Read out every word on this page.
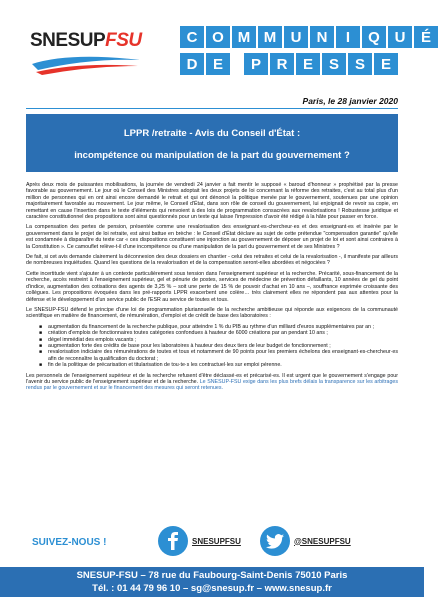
SNESUPFSU	C O M M U	N	I	Q U	É
D	E	P	R	E	S	S	E
Paris, le 28 janvier 2020
LPPR /retraite - Avis du Conseil d'État :
incompétence ou manipulation de la part du gouvernement ?

Après deux mois de puissantes mobilisations, la journée de vendredi 24 janvier a fait mentir le supposé « baroud d'honneur » prophétisé par la presse favorable au gouvernement. Le jour où le Conseil des Ministres adoptait les deux projets de loi concernant la réforme des retraites, c'est au total plus d'un million de personnes qui en ont ainsi encore demandé le retrait et qui ont dénoncé la politique menée par le gouvernement, soutenues par une opinion majoritairement favorable au mouvement. Le jour même, le Conseil d'État, dans son rôle de conseil du gouvernement, lui enjoignait de revoir sa copie, en remettant en cause l'insertion dans le texte d'éléments qui renvoient à des lois de programmation consacrées aux revalorisations ! Robustesse juridique et caractère constitutionnel des propositions sont ainsi questionnés pour un texte qui laisse l'impression d'avoir été rédigé à la hâte pour passer en force.

La compensation des pertes de pension, présentée comme une revalorisation des enseignant·es-chercheur·es et des enseignant·es et insérée par le gouvernement dans le projet de loi retraite, est ainsi battue en brèche : le Conseil d'État déclare au sujet de cette prétendue "compensation garantie" qu'elle est condamnée à disparaître du texte car « ces dispositions constituent une injonction au gouvernement de déposer un projet de loi et sont ainsi contraires à la Constitution ». Ce camouflet relève-t-il d'une incompétence ou d'une manipulation de la part du gouvernement et de ses Ministres ?

De fait, si cet avis demande clairement la déconnexion des deux dossiers en chantier - celui des retraites et celui de la revalorisation -, il manifeste par ailleurs de nombreuses inquiétudes. Quand les questions de la revalorisation et de la compensation seront-elles abordées et négociées ?

Cette incertitude vient s'ajouter à un contexte particulièrement sous tension dans l'enseignement supérieur et la recherche. Précarité, sous-financement de la recherche, accès restreint à l'enseignement supérieur, gel et pénurie de postes, services de médecine de prévention défaillants, 10 années de gel du point d'indice, augmentation des cotisations des agents de 3,25 % – soit une perte de 15 % de pouvoir d'achat en 10 ans –, souffrance exprimée croissante des collègues. Les propositions évoquées dans les pré-rapports LPPR exacerbent une colère… très clairement elles ne répondent pas aux attentes pour la défense et le développement d'un service public de l'ESR au service de toutes et tous.

Le SNESUP-FSU défend le principe d'une loi de programmation pluriannuelle de la recherche ambitieuse qui réponde aux exigences de la communauté scientifique en matière de financement, de rémunération, d'emploi et de crédit de base des laboratoires :

■ augmentation du financement de la recherche publique, pour atteindre 1 % du PIB au rythme d'un milliard d'euros supplémentaires par an ;
■ création d'emplois de fonctionnaires toutes catégories confondues à hauteur de 6000 créations par an pendant 10 ans ;
■ dégel immédiat des emplois vacants ;
■ augmentation forte des crédits de base pour les laboratoires à hauteur des deux tiers de leur budget de fonctionnement ;
■ revalorisation indiciaire des rémunérations de toutes et tous et notamment de 90 points pour les premiers échelons des enseignant·es-chercheur·es afin de reconnaître la qualification du doctorat ;
■ fin de la politique de précarisation et titularisation de tou·te·s les contractuel·les sur emploi pérenne.

Les personnels de l'enseignement supérieur et de la recherche refusent d'être déclassé·es et précarisé·es. Il est urgent que le gouvernement s'engage pour l'avenir du service public de l'enseignement supérieur et de la recherche. Le SNESUP-FSU exige dans les plus brefs délais la transparence sur les arbitrages rendus par le gouvernement et sur le financement des mesures qui seront retenues.

SUIVEZ-NOUS !	SNESUPFSU	@SNESUPFSU
SNESUP-FSU – 78 rue du Faubourg-Saint-Denis 75010 Paris
Tél. : 01 44 79 96 10 – sg@snesup.fr – www.snesup.fr
